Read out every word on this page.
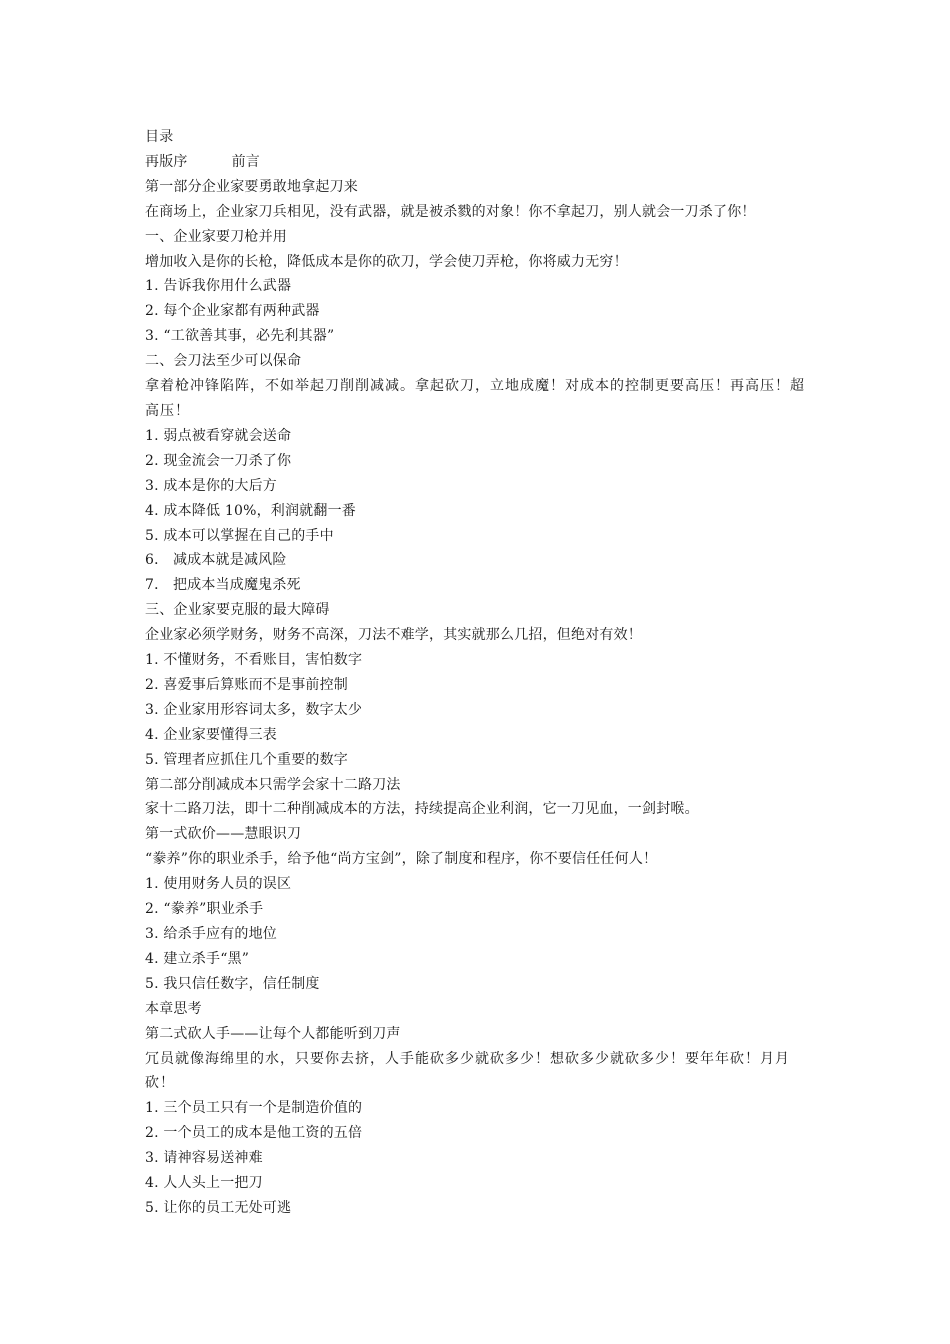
目录
再版序	前言
第一部分企业家要勇敢地拿起刀来
在商场上，企业家刀兵相见，没有武器，就是被杀戮的对象！你不拿起刀，别人就会一刀杀了你！
一、企业家要刀枪并用
增加收入是你的长枪，降低成本是你的砍刀，学会使刀弄枪，你将威力无穷！
1. 告诉我你用什么武器
2. 每个企业家都有两种武器
3. “工欲善其事，必先利其器”
二、会刀法至少可以保命
拿着枪冲锋陷阵，不如举起刀削削减减。拿起砍刀，立地成魔！对成本的控制更要高压！再高压！超高压！
1. 弱点被看穿就会送命
2. 现金流会一刀杀了你
3. 成本是你的大后方
4. 成本降低 10%，利润就翻一番
5. 成本可以掌握在自己的手中
6． 减成本就是减风险
7． 把成本当成魔鬼杀死
三、企业家要克服的最大障碍
企业家必须学财务，财务不高深，刀法不难学，其实就那么几招，但绝对有效！
1. 不懂财务，不看账目，害怕数字
2. 喜爱事后算账而不是事前控制
3. 企业家用形容词太多，数字太少
4. 企业家要懂得三表
5. 管理者应抓住几个重要的数字
第二部分削减成本只需学会家十二路刀法
家十二路刀法，即十二种削减成本的方法，持续提高企业利润，它一刀见血，一剑封喉。
第一式砍价——慧眼识刀
“豢养”你的职业杀手，给予他“尚方宝剑”，除了制度和程序，你不要信任任何人！
1. 使用财务人员的误区
2. “豢养”职业杀手
3. 给杀手应有的地位
4. 建立杀手“黑”
5. 我只信任数字，信任制度
本章思考
第二式砍人手——让每个人都能听到刀声
冗员就像海绵里的水，只要你去挤，人手能砍多少就砍多少！想砍多少就砍多少！要年年砍！月月砍！
1. 三个员工只有一个是制造价值的
2. 一个员工的成本是他工资的五倍
3. 请神容易送神难
4. 人人头上一把刀
5. 让你的员工无处可逃
